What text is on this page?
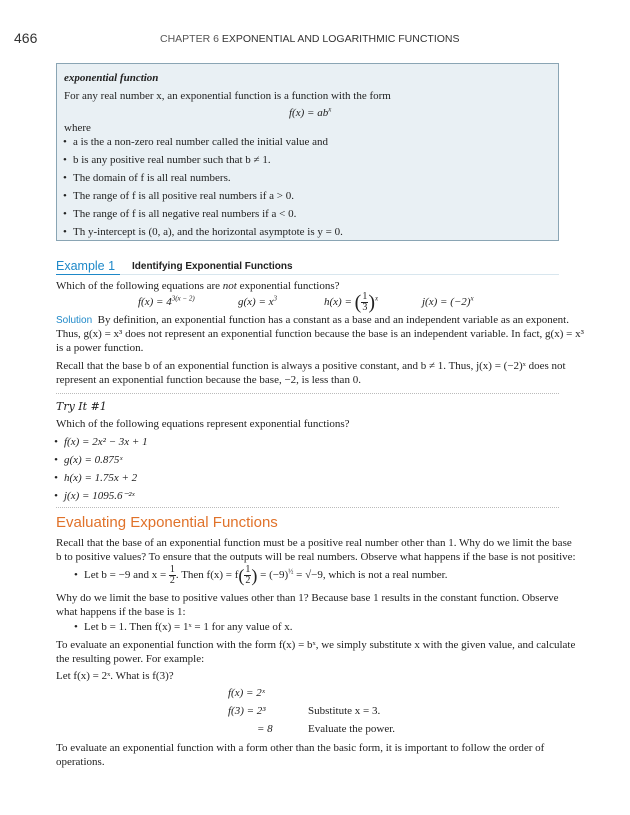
466	CHAPTER 6 EXPONENTIAL AND LOGARITHMIC FUNCTIONS
exponential function
For any real number x, an exponential function is a function with the form
$f(x) = ab^x$
where
• a is the a non-zero real number called the initial value and
• b is any positive real number such that b ≠ 1.
• The domain of f is all real numbers.
• The range of f is all positive real numbers if a > 0.
• The range of f is all negative real numbers if a < 0.
• Th y-intercept is (0, a), and the horizontal asymptote is y = 0.
Example 1 Identifying Exponential Functions
Which of the following equations are not exponential functions?
$f(x) = 4^{3(x - 2)}$	$g(x) = x^3$	h(x) = ( $\frac{1}{3} )^x$	$j(x) = (-2)^x$
Solution By definition, an exponential function has a constant as a base and an independent variable as an exponent.
Thus, g(x) = x³ does not represent an exponential function because the base is an independent variable. In fact, g(x) = x³
is a power function.
Recall that the base b of an exponential function is always a positive constant, and b ≠ 1. Thus, j(x) = (−2)ˣ does not
represent an exponential function because the base, −2, is less than 0.
Try It #1
Which of the following equations represent exponential functions?
• f(x) = 2x² − 3x + 1
• g(x) = 0.875ˣ
• h(x) = 1.75x + 2
• j(x) = 1095.6⁻²ˣ
Evaluating Exponential Functions
Recall that the base of an exponential function must be a positive real number other than 1. Why do we limit the base
b to positive values? To ensure that the outputs will be real numbers. Observe what happens if the base is not positive:
• Let b = −9 and $x = \frac{1}{2}$ . Then $f(x) = f( \frac{1}{2}$ ) = $(-9)^{\frac{1}{2}} = √-9$, which is not a real number.
Why do we limit the base to positive values other than 1? Because base 1 results in the constant function. Observe
what happens if the base is 1:
• Let b = 1. Then f(x) = 1ˣ = 1 for any value of x.
To evaluate an exponential function with the form f(x) = bˣ, we simply substitute x with the given value, and calculate
the resulting power. For example:
Let f(x) = 2ˣ. What is f(3)?
f(x) = 2ˣ
f(3) = 2³	Substitute x = 3.
= 8	Evaluate the power.
To evaluate an exponential function with a form other than the basic form, it is important to follow the order of
operations.
